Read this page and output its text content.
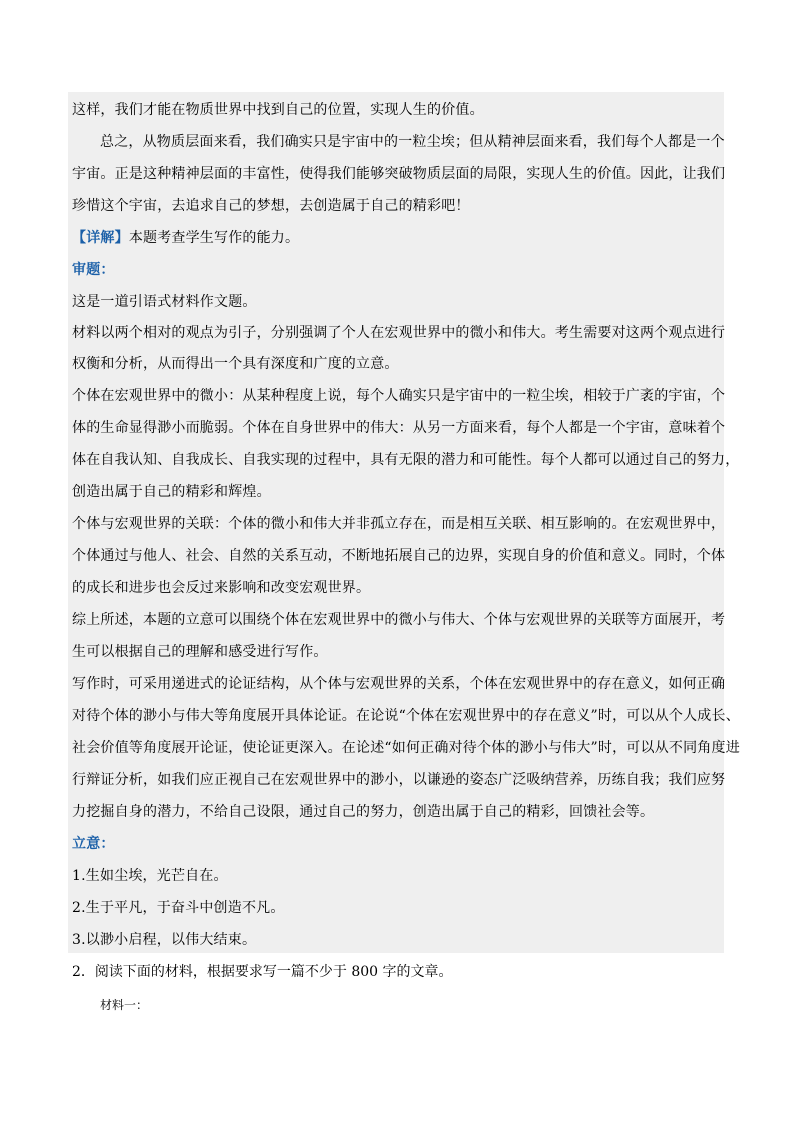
这样，我们才能在物质世界中找到自己的位置，实现人生的价值。
总之，从物质层面来看，我们确实只是宇宙中的一粒尘埃；但从精神层面来看，我们每个人都是一个
宇宙。正是这种精神层面的丰富性，使得我们能够突破物质层面的局限，实现人生的价值。因此，让我们
珍惜这个宇宙，去追求自己的梦想，去创造属于自己的精彩吧！
【详解】本题考查学生写作的能力。
审题：
这是一道引语式材料作文题。
材料以两个相对的观点为引子，分别强调了个人在宏观世界中的微小和伟大。考生需要对这两个观点进行
权衡和分析，从而得出一个具有深度和广度的立意。
个体在宏观世界中的微小：从某种程度上说，每个人确实只是宇宙中的一粒尘埃，相较于广袤的宇宙，个
体的生命显得渺小而脆弱。个体在自身世界中的伟大：从另一方面来看，每个人都是一个宇宙，意味着个
体在自我认知、自我成长、自我实现的过程中，具有无限的潜力和可能性。每个人都可以通过自己的努力，
创造出属于自己的精彩和辉煌。
个体与宏观世界的关联：个体的微小和伟大并非孤立存在，而是相互关联、相互影响的。在宏观世界中，
个体通过与他人、社会、自然的关系互动，不断地拓展自己的边界，实现自身的价值和意义。同时，个体
的成长和进步也会反过来影响和改变宏观世界。
综上所述，本题的立意可以围绕个体在宏观世界中的微小与伟大、个体与宏观世界的关联等方面展开，考
生可以根据自己的理解和感受进行写作。
写作时，可采用递进式的论证结构，从个体与宏观世界的关系，个体在宏观世界中的存在意义，如何正确
对待个体的渺小与伟大等角度展开具体论证。在论说“个体在宏观世界中的存在意义”时，可以从个人成长、
社会价值等角度展开论证，使论证更深入。在论述“如何正确对待个体的渺小与伟大”时，可以从不同角度进
行辩证分析，如我们应正视自己在宏观世界中的渺小，以谦逊的姿态广泛吸纳营养，历练自我；我们应努
力挖掘自身的潜力，不给自己设限，通过自己的努力，创造出属于自己的精彩，回馈社会等。
立意：
1.生如尘埃，光芒自在。
2.生于平凡，于奋斗中创造不凡。
3.以渺小启程，以伟大结束。
2．阅读下面的材料，根据要求写一篇不少于 800 字的文章。
材料一：
